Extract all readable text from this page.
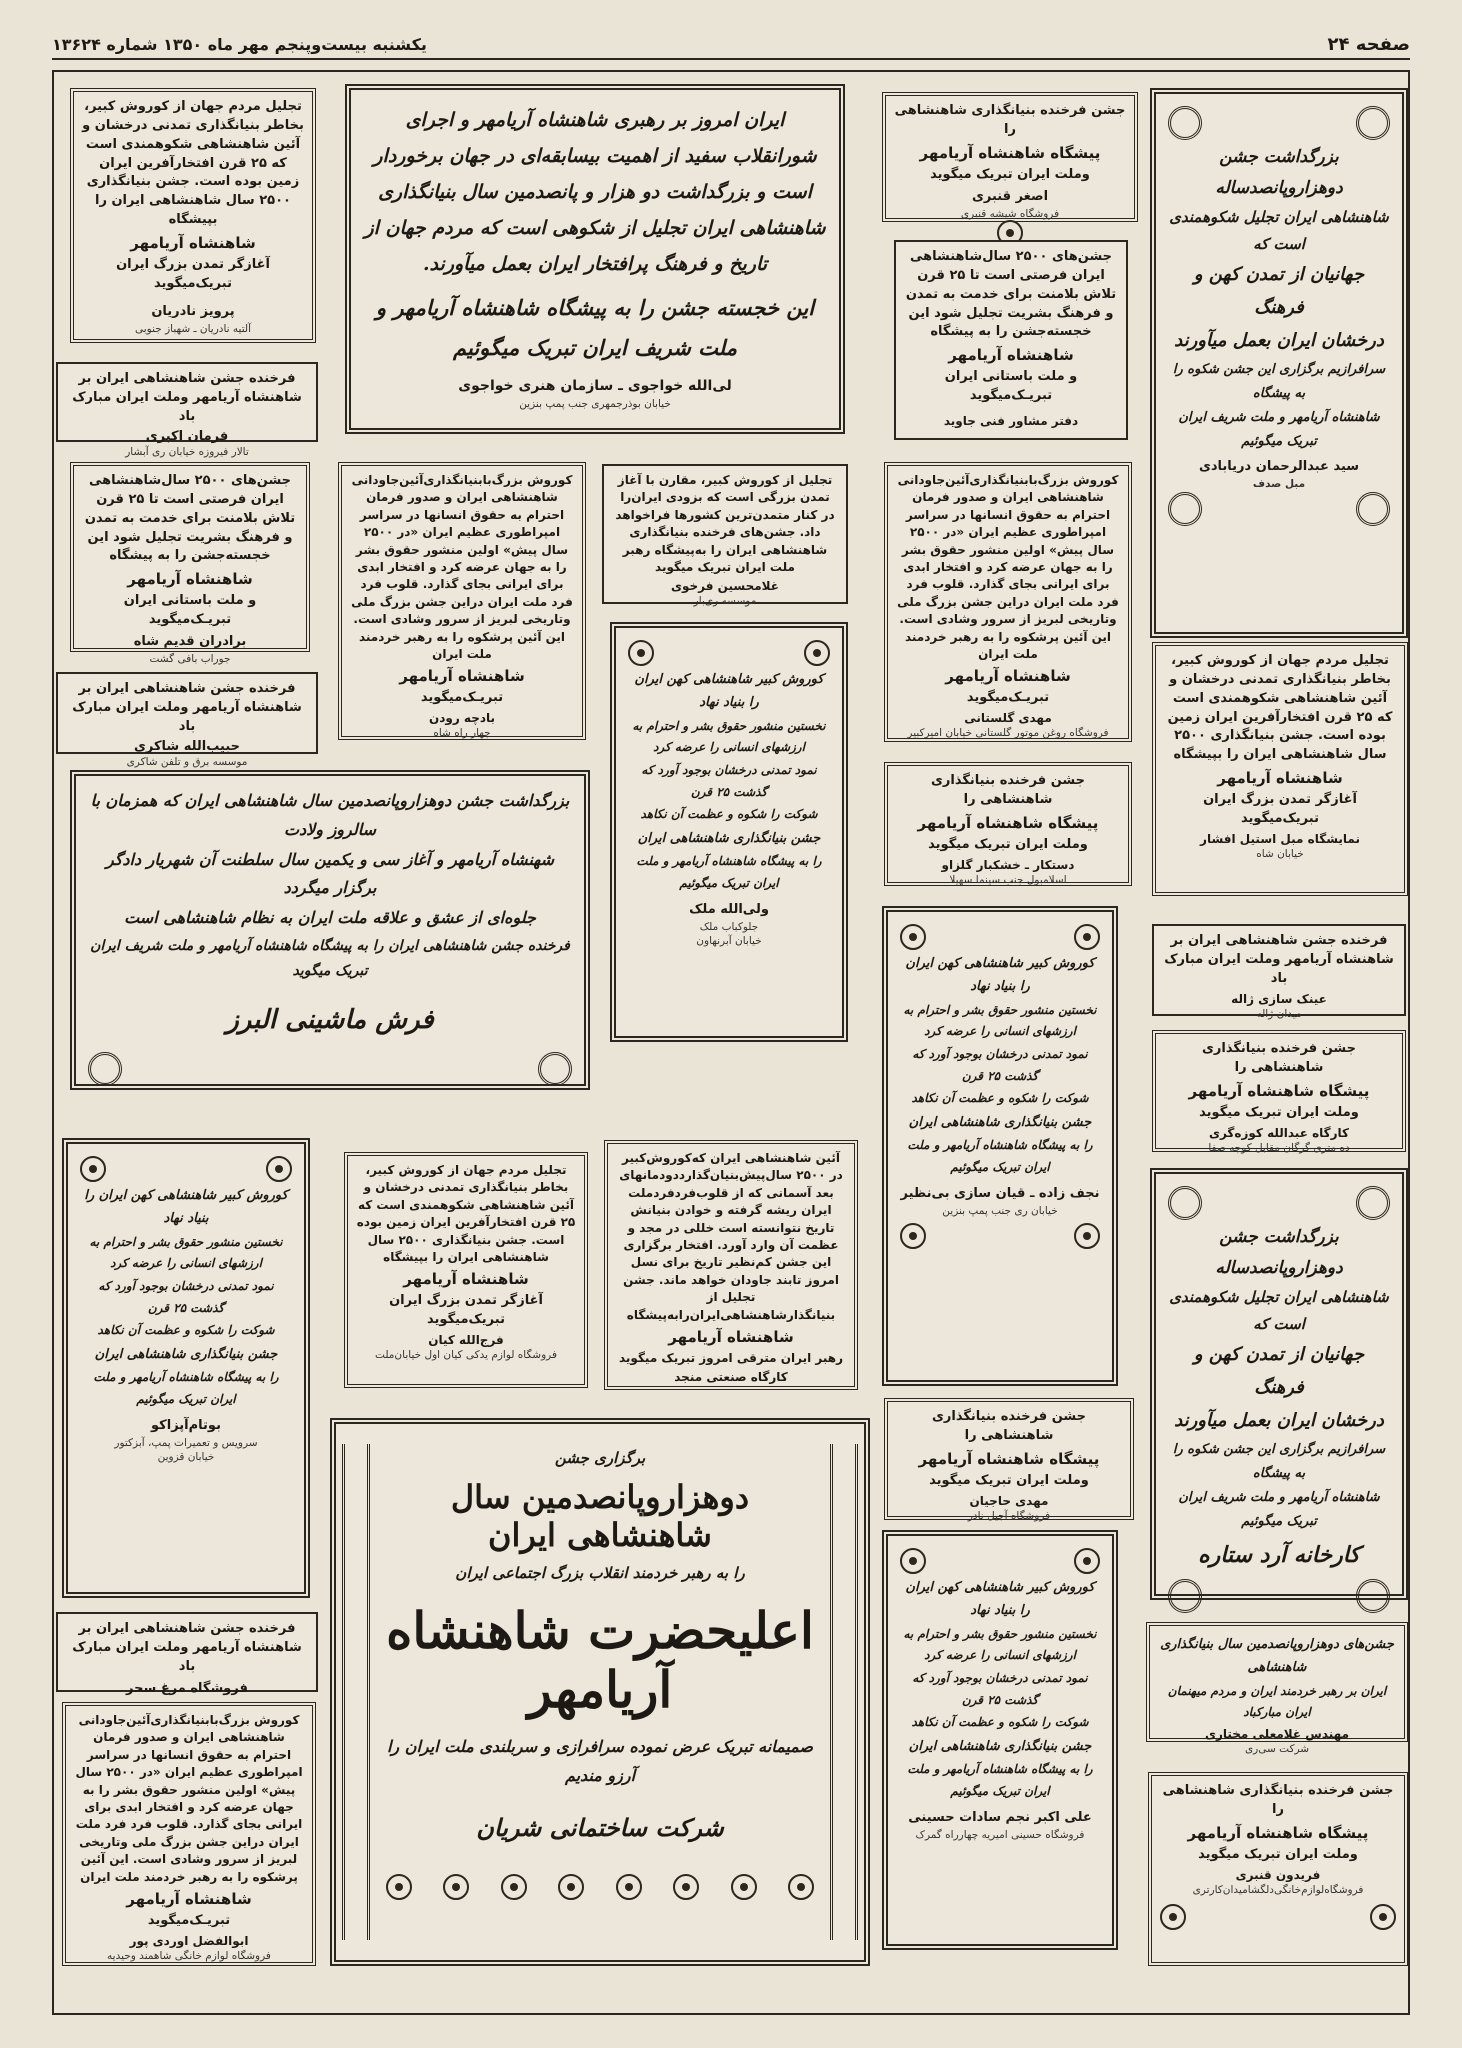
صفحه ۲۴
یکشنبه بیست‌وپنجم مهر ماه ۱۳۵۰ شماره ۱۳۶۲۴

تجلیل مردم جهان از کوروش کبیر، بخاطر بنیانگذاری تمدنی درخشان و آئین شاهنشاهی شکوهمندی است که ۲۵ قرن افتخارآفرین ایران زمین بوده است. جشن بنیانگذاری ۲۵۰۰ سال شاهنشاهی ایران را بپیشگاه

شاهنشاه آریامهر

آغازگر تمدن بزرگ ایران تبریک‌میگوید

پرویز نادریان
آلتیه نادریان ـ شهباز جنوبی

فرخنده جشن شاهنشاهی ایران بر

شاهنشاه آریامهر وملت ایران مبارک باد

فرمان اکبری
تالار فیروزه خیابان ری آبشار

جشن‌های ۲۵۰۰ سال‌شاهنشاهی ایران فرصتی است تا ۲۵ قرن تلاش بلامنت برای خدمت به تمدن و فرهنگ بشریت تجلیل شود این خجسته‌جشن را به پیشگاه

شاهنشاه آریامهر

و ملت باستانی ایران تبریـک‌میگوید

برادران قدیم شاه
جوراب بافی گشت

فرخنده جشن شاهنشاهی ایران بر

شاهنشاه آریامهر وملت ایران مبارک باد

حبیب‌الله شاکری
موسسه برق و تلفن شاکری
ایران امروز بر رهبری شاهنشاه آریامهر و اجرای شورانقلاب سفید از اهمیت بیسابقه‌ای در جهان برخوردار است و بزرگداشت دو هزار و پانصدمین سال بنیانگذاری شاهنشاهی ایران تجلیل از شکوهی است که مردم جهان از تاریخ و فرهنگ پرافتخار ایران بعمل میآورند.
این خجسته جشن را به پیشگاه شاهنشاه آریامهر و ملت شریف ایران تبریک میگوئیم
لی‌الله خواجوی ـ سازمان هنری خواجوی
خیابان بوذرجمهری جنب پمپ بنزین

جشن فرخنده بنیانگذاری شاهنشاهی را

پیشگاه شاهنشاه آریامهر

وملت ایران تبریک میگوید

اصغر قنبری
فروشگاه شیشه قنبری

جشن‌های ۲۵۰۰ سال‌شاهنشاهی ایران فرصتی است تا ۲۵ قرن تلاش بلامنت برای خدمت به تمدن و فرهنگ بشریت تجلیل شود این خجسته‌جشن را به پیشگاه

شاهنشاه آریامهر

و ملت باستانی ایران تبریـک‌میگوید

دفتر مشاور فنی جاوید
بزرگداشت جشن دوهزاروپانصدساله
شاهنشاهی ایران تجلیل شکوهمندی است که
جهانیان از تمدن کهن و فرهنگ
درخشان ایران بعمل میآورند
سرافرازیم برگزاری این جشن شکوه را به پیشگاه
شاهنشاه آریامهر و ملت شریف ایران تبریک میگوئیم
سید عبدالرحمان دریابادی
مبل صدف

کوروش بزرگ‌بابنیانگذاری‌آئین‌جاودانی شاهنشاهی ایران و صدور فرمان احترام به حقوق انسانها در سراسر امپراطوری عظیم ایران «در ۲۵۰۰ سال پیش» اولین منشور حقوق بشر را به جهان عرضه کرد و افتخار ابدی برای ایرانی بجای گذارد. قلوب فرد فرد ملت ایران دراین جشن بزرگ ملی وتاریخی لبریز از سرور وشادی است. این آئین پرشکوه را به رهبر خردمند ملت ایران

شاهنشاه آریامهر

تبریـک‌میگوید

بادچه رودن
چهار راه شاه

تجلیل از کوروش کبیر، مقارن با آغاز تمدن بزرگی است که بزودی ایران‌را در کنار متمدن‌ترین کشورها فراخواهد داد. جشن‌های فرخنده بنیانگذاری شاهنشاهی ایران را به‌پیشگاه رهبر ملت ایران تبریک میگوید

غلامحسین فرخوی
موسسه ری‌بار

کوروش بزرگ‌بابنیانگذاری‌آئین‌جاودانی شاهنشاهی ایران و صدور فرمان احترام به حقوق انسانها در سراسر امپراطوری عظیم ایران «در ۲۵۰۰ سال پیش» اولین منشور حقوق بشر را به جهان عرضه کرد و افتخار ابدی برای ایرانی بجای گذارد. قلوب فرد فرد ملت ایران دراین جشن بزرگ ملی وتاریخی لبریز از سرور وشادی است. این آئین پرشکوه را به رهبر خردمند ملت ایران

شاهنشاه آریامهر

تبریـک‌میگوید

مهدی گلستانی
فروشگاه روغن موتور گلستانی خیابان امیرکبیر

تجلیل مردم جهان از کوروش کبیر، بخاطر بنیانگذاری تمدنی درخشان و آئین شاهنشاهی شکوهمندی است که ۲۵ قرن افتخارآفرین ایران زمین بوده است. جشن بنیانگذاری ۲۵۰۰ سال شاهنشاهی ایران را بپیشگاه

شاهنشاه آریامهر

آغازگر تمدن بزرگ ایران تبریک‌میگوید

نمایشگاه مبل استیل افشار
خیابان شاه
کوروش کبیر شاهنشاهی کهن ایران را بنیاد نهاد
نخستین منشور حقوق بشر و احترام به ارزشهای انسانی را عرضه کرد
نمود تمدنی درخشان بوجود آورد که گذشت ۲۵ قرن
شوکت را شکوه و عظمت آن نکاهد
جشن بنیانگذاری شاهنشاهی ایران
را به پیشگاه شاهنشاه آریامهر و ملت ایران تبریک میگوئیم
ولی‌الله ملک
جلوکباب ملک
خیابان آبرنهاون

جشن فرخنده بنیانگذاری شاهنشاهی را

پیشگاه شاهنشاه آریامهر

وملت ایران تبریک میگوید

دستکار ـ خشکبار گلزاو
اسلامبول جنب سینما سهیلا
بزرگداشت جشن دوهزاروپانصدمین سال شاهنشاهی ایران که همزمان با سالروز ولادت
شهنشاه آریامهر و آغاز سی و یکمین سال سلطنت آن شهریار دادگر برگزار میگردد
جلوه‌ای از عشق و علاقه ملت ایران به نظام شاهنشاهی است
فرخنده جشن شاهنشاهی ایران را به پیشگاه شاهنشاه آریامهر و ملت شریف ایران تبریک میگوید
فرش ماشینی البرز

فرخنده جشن شاهنشاهی ایران بر

شاهنشاه آریامهر وملت ایران مبارک باد

عینک سازی ژاله
میدان ژاله

جشن فرخنده بنیانگذاری شاهنشاهی را

پیشگاه شاهنشاه آریامهر

وملت ایران تبریک میگوید

کارگاه عبدالله کوزه‌گری
ده متری گرگان مقابل کوچه صفا
کوروش کبیر شاهنشاهی کهن ایران را بنیاد نهاد
نخستین منشور حقوق بشر و احترام به ارزشهای انسانی را عرضه کرد
نمود تمدنی درخشان بوجود آورد که گذشت ۲۵ قرن
شوکت را شکوه و عظمت آن نکاهد
جشن بنیانگذاری شاهنشاهی ایران
را به پیشگاه شاهنشاه آریامهر و ملت ایران تبریک میگوئیم
نجف زاده ـ قیان سازی بی‌نظیر
خیابان ری جنب پمپ بنزین
کوروش کبیر شاهنشاهی کهن ایران را بنیاد نهاد
نخستین منشور حقوق بشر و احترام به ارزشهای انسانی را عرضه کرد
نمود تمدنی درخشان بوجود آورد که گذشت ۲۵ قرن
شوکت را شکوه و عظمت آن نکاهد
جشن بنیانگذاری شاهنشاهی ایران
را به پیشگاه شاهنشاه آریامهر و ملت ایران تبریک میگوئیم
بوتام‌آپزاکو
سرویس و تعمیرات پمپ، آبزکتور
خیابان قزوین

تجلیل مردم جهان از کوروش کبیر، بخاطر بنیانگذاری تمدنی درخشان و آئین شاهنشاهی شکوهمندی است که ۲۵ قرن افتخارآفرین ایران زمین بوده است. جشن بنیانگذاری ۲۵۰۰ سال شاهنشاهی ایران را بپیشگاه

شاهنشاه آریامهر

آغازگر تمدن بزرگ ایران تبریک‌میگوید

فرج‌الله کیان
فروشگاه لوازم یدکی کیان اول خیابان‌ملت

آئین شاهنشاهی ایران که‌کوروش‌کبیر در ۲۵۰۰ سال‌پیش‌بنیان‌گذارد‌دودمانهای بعد آسمانی که از قلوب‌فرد‌فرد‌ملت ایران ریشه گرفته و خوادن بنیانش تاریخ نتوانسته است خللی در مجد و عظمت آن وارد آورد. افتخار برگزاری این جشن کم‌نظیر تاریخ برای نسل امروز تابند جاودان خواهد ماند. جشن تجلیل از بنیانگذارشاهنشاهی‌ایران‌را‌به‌پیشگاه

شاهنشاه آریامهر

رهبر ایران مترقی امروز تبریک میگوید

کارگاه صنعتی منجد
بزرگداشت جشن دوهزاروپانصدساله
شاهنشاهی ایران تجلیل شکوهمندی است که
جهانیان از تمدن کهن و فرهنگ
درخشان ایران بعمل میآورند
سرافرازیم برگزاری این جشن شکوه را به پیشگاه
شاهنشاه آریامهر و ملت شریف ایران تبریک میگوئیم
کارخانه آرد ستاره

جشن فرخنده بنیانگذاری شاهنشاهی را

پیشگاه شاهنشاه آریامهر

وملت ایران تبریک میگوید

مهدی حاجیان
فروشگاه آجیل نادر

فرخنده جشن شاهنشاهی ایران بر

شاهنشاه آریامهر وملت ایران مبارک باد

فروشگاه مرغ سحر
برگزاری جشن
دوهزاروپانصدمین سال شاهنشاهی ایران
را به رهبر خردمند انقلاب بزرگ اجتماعی ایران
اعلیحضرت شاهنشاه آریامهر
صمیمانه تبریک عرض نموده سرافرازی و سربلندی ملت ایران را آرزو مندیم
شرکت ساختمانی شریان
کوروش کبیر شاهنشاهی کهن ایران را بنیاد نهاد
نخستین منشور حقوق بشر و احترام به ارزشهای انسانی را عرضه کرد
نمود تمدنی درخشان بوجود آورد که گذشت ۲۵ قرن
شوکت را شکوه و عظمت آن نکاهد
جشن بنیانگذاری شاهنشاهی ایران
را به پیشگاه شاهنشاه آریامهر و ملت ایران تبریک میگوئیم
علی اکبر نجم سادات حسینی
فروشگاه حسینی امیریه چهارراه گمرک
جشن‌های دوهزاروپانصدمین سال بنیانگذاری شاهنشاهی
ایران بر رهبر خردمند ایران و مردم میهنمان ایران مبارکباد
مهندس غلامعلی مختاری
شرکت سی‌ری

کوروش بزرگ‌بابنیانگذاری‌آئین‌جاودانی شاهنشاهی ایران و صدور فرمان احترام به حقوق انسانها در سراسر امپراطوری عظیم ایران «در ۲۵۰۰ سال پیش» اولین منشور حقوق بشر را به جهان عرضه کرد و افتخار ابدی برای ایرانی بجای گذارد. قلوب فرد فرد ملت ایران دراین جشن بزرگ ملی وتاریخی لبریز از سرور وشادی است. این آئین پرشکوه را به رهبر خردمند ملت ایران

شاهنشاه آریامهر

تبریـک‌میگوید

ابوالفضل اوردی پور
فروشگاه لوازم خانگی شاهمند وحیدیه

جشن فرخنده بنیانگذاری شاهنشاهی را

پیشگاه شاهنشاه آریامهر

وملت ایران تبریک میگوید

فریدون قنبری
فروشگاه‌لوازم‌خانگی‌دلگشا‌میدان‌کارتری
